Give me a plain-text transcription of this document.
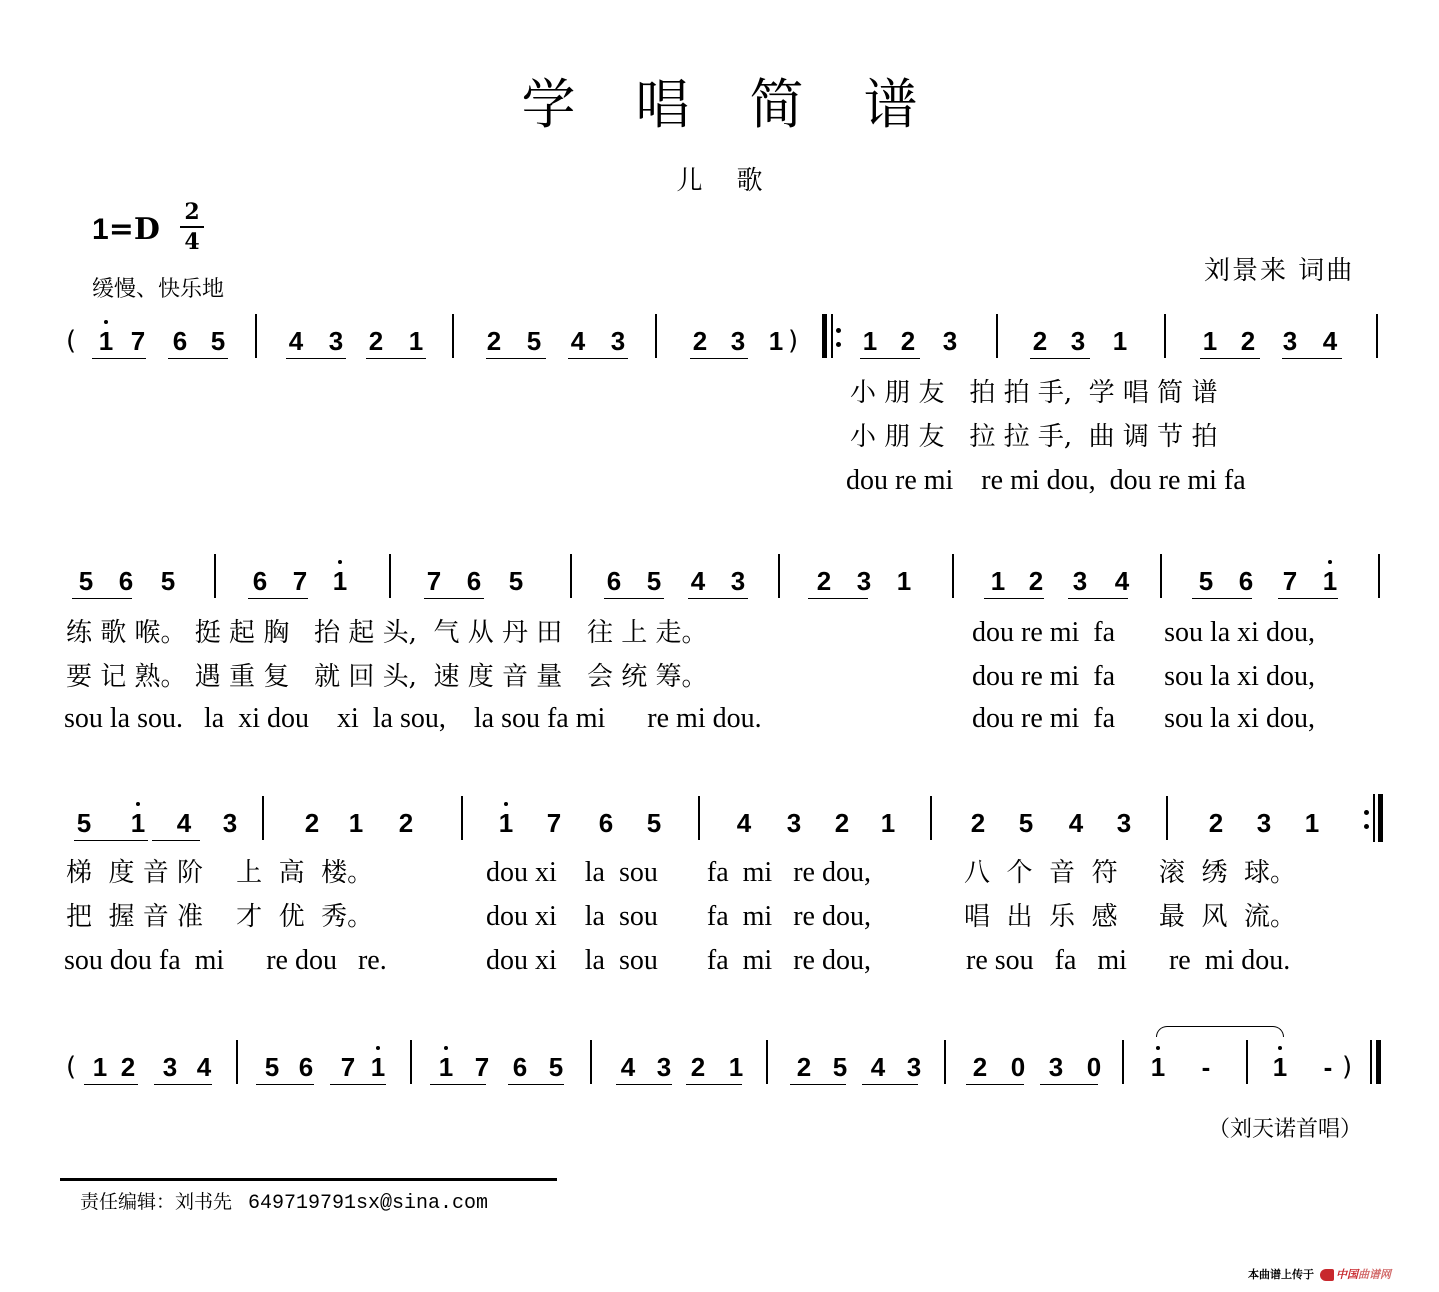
学唱简谱
儿歌
1=D 2
4
缓慢、快乐地
刘景来 词曲
1 7 6 5 4 3 2 1 2 5 4 3	2 3 1	1 2 3	2 3 1	1 2 3 4
(	)
小 朋 友   拍 拍 手,  学 唱 简 谱
小 朋 友   拉 拉 手,  曲 调 节 拍
dou re mi    re mi dou,  dou re mi fa
5 6 5	6 7 1	7 6 5	6 5 4 3	2 3 1	1 2 3 4	5 6 7 1
练 歌 喉。 挺 起 胸   抬 起 头,  气 从 丹 田   往 上 走。
要 记 熟。 遇 重 复   就 回 头,  速 度 音 量   会 统 筹。
sou la sou.   la  xi dou    xi  la sou,    la sou fa mi      re mi dou.
dou re mi  fa       sou la xi dou,
dou re mi  fa       sou la xi dou,
dou re mi  fa       sou la xi dou,
5 1 4 3	2 1 2	1 7 6 5	4 3 2 1	2 5 4 3	2 3 1
梯  度 音 阶    上  高  楼。
把  握 音 准    才  优  秀。
sou dou fa  mi      re dou   re.
dou xi    la  sou       fa  mi   re dou,
dou xi    la  sou       fa  mi   re dou,
dou xi    la  sou       fa  mi   re dou,
八  个  音  符     滚  绣  球。
唱  出  乐  感     最  风  流。
re sou   fa   mi      re  mi dou.
1 2 3 4 5 6 7 1 1 7 6 5 4 3 2 1 2 5 4 3 2 0 3 0 1 - 1 -
(	)
（刘天诺首唱）
责任编辑：刘书先 649719791sx@sina.com
本曲谱上传于 中国曲谱网
